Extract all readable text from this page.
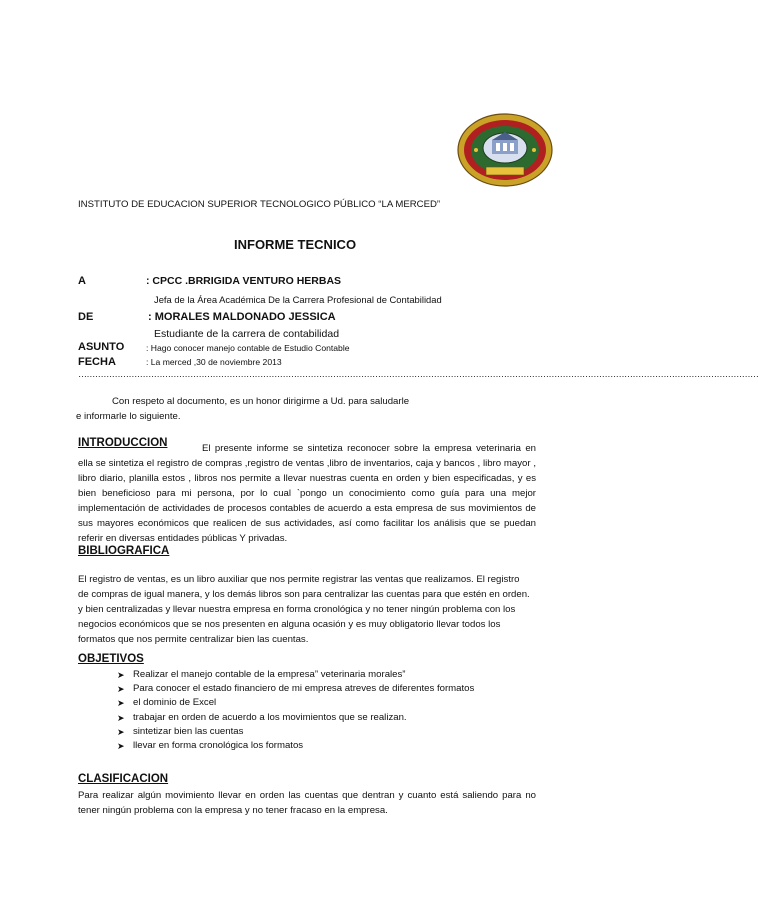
INSTITUTO DE EDUCACION SUPERIOR TECNOLOGICO PÚBLICO “LA MERCED”
INFORME TECNICO
A	: CPCC .BRRIGIDA VENTURO HERBAS
Jefa de la Área Académica De la Carrera Profesional de Contabilidad
DE	: MORALES MALDONADO JESSICA
Estudiante de la carrera de contabilidad
ASUNTO	: Hago conocer manejo contable de Estudio Contable
FECHA	: La merced ,30 de noviembre 2013
………………………………………………………………………………………………………………………………………………………………………………………………………………………
Con respeto al documento, es un honor dirigirme a Ud. para saludarle
e informarle lo siguiente.
INTRODUCCION	El presente informe se sintetiza reconocer sobre la empresa veterinaria en ella se sintetiza el registro de compras ,registro de ventas ,libro de inventarios, caja y bancos , libro mayor , libro diario, planilla estos , libros nos permite a llevar nuestras cuenta en orden y bien especificadas, y es bien beneficioso para mi persona, por lo cual `pongo un conocimiento como guía para una mejor implementación de actividades de procesos contables de acuerdo a esta empresa de sus movimientos de sus mayores económicos que realicen de sus actividades, así como facilitar los análisis que se puedan referir en diversas entidades públicas Y privadas.
BIBLIOGRAFICA
El registro de ventas, es un libro auxiliar que nos permite registrar las ventas que realizamos. El registro de compras de igual manera, y los demás libros son para centralizar las cuentas para que estén en orden.
y bien centralizadas y llevar nuestra empresa en forma cronológica y no tener ningún problema con los negocios económicos que se nos presenten en alguna ocasión y es muy obligatorio llevar todos los formatos que nos permite centralizar bien las cuentas.
OBJETIVOS
➤ Realizar el manejo contable de la empresa” veterinaria morales”
➤ Para conocer el estado financiero de mi empresa atreves de diferentes formatos
➤ el dominio de Excel
➤ trabajar en orden de acuerdo a los movimientos que se realizan.
➤ sintetizar bien las cuentas
➤ llevar en forma cronológica los formatos
CLASIFICACION
Para realizar algún movimiento llevar en orden las cuentas que dentran y cuanto está saliendo para no tener ningún problema con la empresa y no tener fracaso en la empresa.
